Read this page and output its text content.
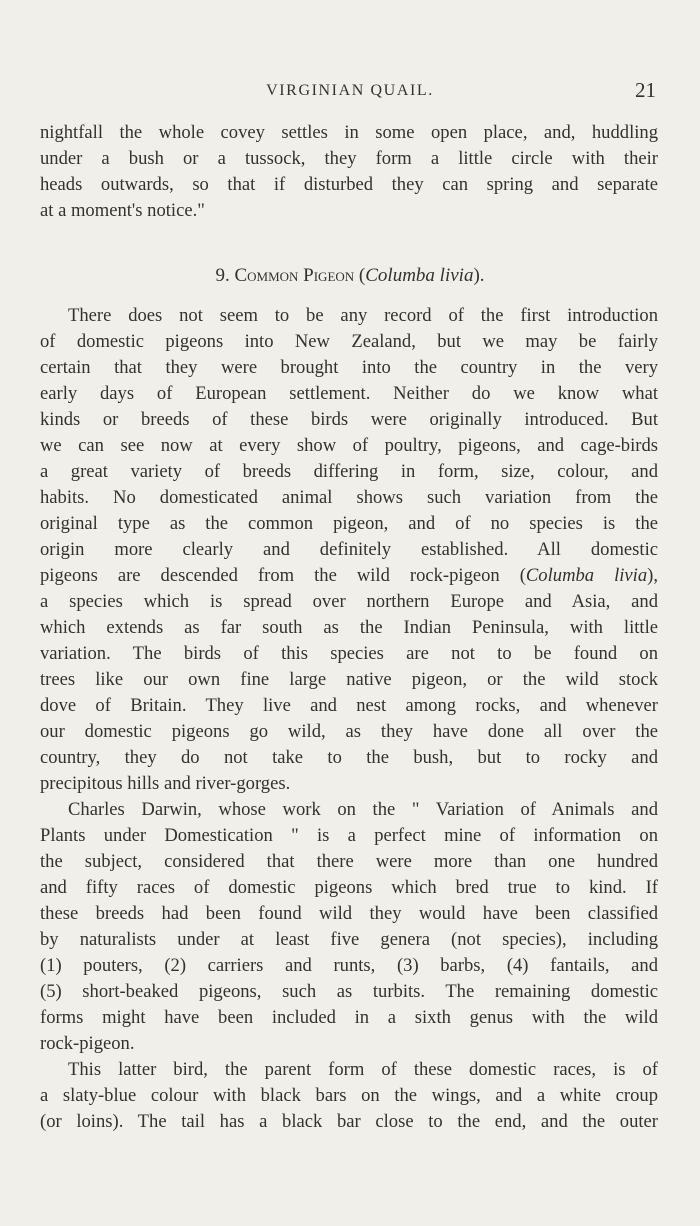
VIRGINIAN QUAIL.	21
nightfall the whole covey settles in some open place, and, huddling
under a bush or a tussock, they form a little circle with their
heads outwards, so that if disturbed they can spring and separate
at a moment's notice."
9. Common Pigeon (Columba livia).
There does not seem to be any record of the first introduction
of domestic pigeons into New Zealand, but we may be fairly
certain that they were brought into the country in the very
early days of European settlement. Neither do we know what
kinds or breeds of these birds were originally introduced. But
we can see now at every show of poultry, pigeons, and cage-birds
a great variety of breeds differing in form, size, colour, and
habits. No domesticated animal shows such variation from the
original type as the common pigeon, and of no species is the
origin more clearly and definitely established. All domestic
pigeons are descended from the wild rock-pigeon (Columba livia),
a species which is spread over northern Europe and Asia, and
which extends as far south as the Indian Peninsula, with little
variation. The birds of this species are not to be found on
trees like our own fine large native pigeon, or the wild stock
dove of Britain. They live and nest among rocks, and whenever
our domestic pigeons go wild, as they have done all over the
country, they do not take to the bush, but to rocky and
precipitous hills and river-gorges.
Charles Darwin, whose work on the " Variation of Animals and
Plants under Domestication " is a perfect mine of information on
the subject, considered that there were more than one hundred
and fifty races of domestic pigeons which bred true to kind. If
these breeds had been found wild they would have been classified
by naturalists under at least five genera (not species), including
(1) pouters, (2) carriers and runts, (3) barbs, (4) fantails, and
(5) short-beaked pigeons, such as turbits. The remaining domestic
forms might have been included in a sixth genus with the wild
rock-pigeon.
This latter bird, the parent form of these domestic races, is of
a slaty-blue colour with black bars on the wings, and a white croup
(or loins). The tail has a black bar close to the end, and the outer
